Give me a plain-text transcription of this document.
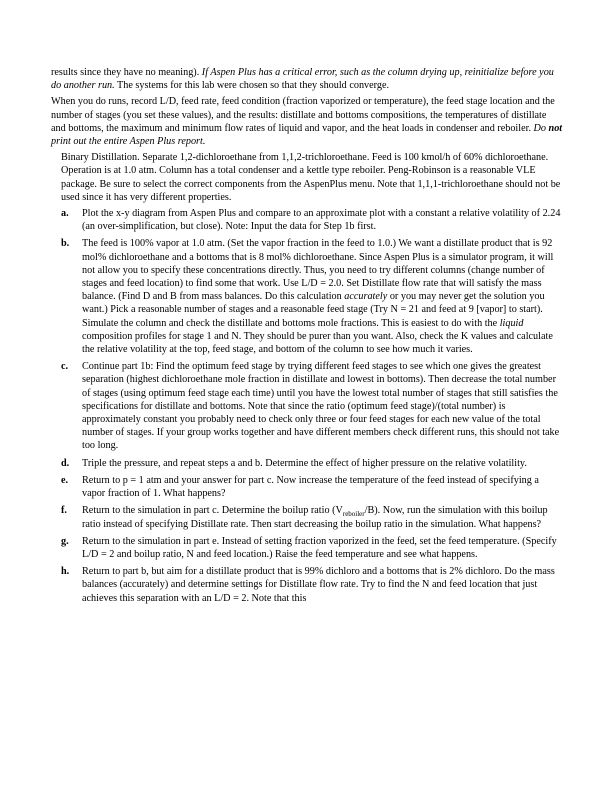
results since they have no meaning). If Aspen Plus has a critical error, such as the column drying up, reinitialize before you do another run. The systems for this lab were chosen so that they should converge.

When you do runs, record L/D, feed rate, feed condition (fraction vaporized or temperature), the feed stage location and the number of stages (you set these values), and the results: distillate and bottoms compositions, the temperatures of distillate and bottoms, the maximum and minimum flow rates of liquid and vapor, and the heat loads in condenser and reboiler. Do not print out the entire Aspen Plus report.

Binary Distillation. Separate 1,2-dichloroethane from 1,1,2-trichloroethane. Feed is 100 kmol/h of 60% dichloroethane. Operation is at 1.0 atm. Column has a total condenser and a kettle type reboiler. Peng-Robinson is a reasonable VLE package. Be sure to select the correct components from the AspenPlus menu. Note that 1,1,1-trichloroethane should not be used since it has very different properties.

a. Plot the x-y diagram from Aspen Plus and compare to an approximate plot with a constant a relative volatility of 2.24 (an over-simplification, but close). Note: Input the data for Step 1b first.
b. The feed is 100% vapor at 1.0 atm. (Set the vapor fraction in the feed to 1.0.) We want a distillate product that is 92 mol% dichloroethane and a bottoms that is 8 mol% dichloroethane. Since Aspen Plus is a simulator program, it will not allow you to specify these concentrations directly. Thus, you need to try different columns (change number of stages and feed location) to find some that work. Use L/D = 2.0. Set Distillate flow rate that will satisfy the mass balance. (Find D and B from mass balances. Do this calculation accurately or you may never get the solution you want.) Pick a reasonable number of stages and a reasonable feed stage (Try N = 21 and feed at 9 [vapor] to start). Simulate the column and check the distillate and bottoms mole fractions. This is easiest to do with the liquid composition profiles for stage 1 and N. They should be purer than you want. Also, check the K values and calculate the relative volatility at the top, feed stage, and bottom of the column to see how much it varies.
c. Continue part 1b: Find the optimum feed stage by trying different feed stages to see which one gives the greatest separation (highest dichloroethane mole fraction in distillate and lowest in bottoms). Then decrease the total number of stages (using optimum feed stage each time) until you have the lowest total number of stages that still satisfies the specifications for distillate and bottoms. Note that since the ratio (optimum feed stage)/(total number) is approximately constant you probably need to check only three or four feed stages for each new value of the total number of stages. If your group works together and have different members check different runs, this should not take too long.
d. Triple the pressure, and repeat steps a and b. Determine the effect of higher pressure on the relative volatility.
e. Return to p = 1 atm and your answer for part c. Now increase the temperature of the feed instead of specifying a vapor fraction of 1. What happens?
f. Return to the simulation in part c. Determine the boilup ratio $(V_{reboiler}/B)$. Now, run the simulation with this boilup ratio instead of specifying Distillate rate. Then start decreasing the boilup ratio in the simulation. What happens?
g. Return to the simulation in part e. Instead of setting fraction vaporized in the feed, set the feed temperature. (Specify L/D = 2 and boilup ratio, N and feed location.) Raise the feed temperature and see what happens.
h. Return to part b, but aim for a distillate product that is 99% dichloro and a bottoms that is 2% dichloro. Do the mass balances (accurately) and determine settings for Distillate flow rate. Try to find the N and feed location that just achieves this separation with an L/D = 2. Note that this
